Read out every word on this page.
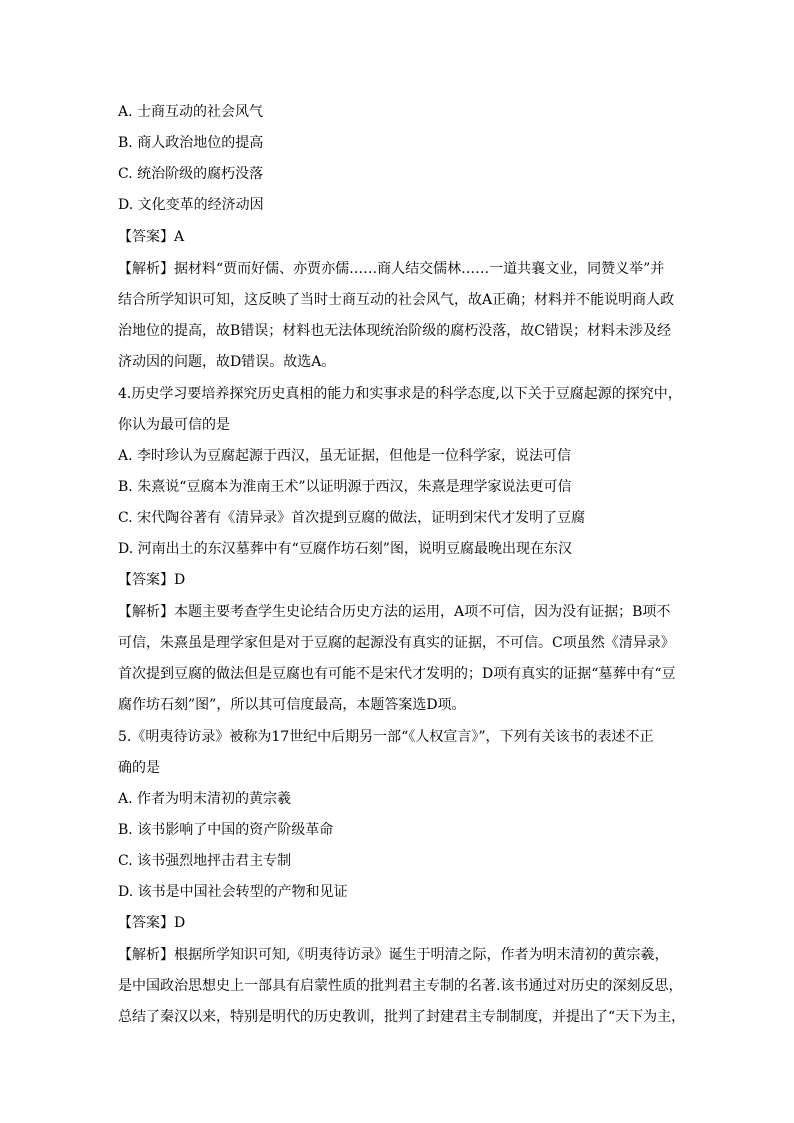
A. 士商互动的社会风气
B. 商人政治地位的提高
C. 统治阶级的腐朽没落
D. 文化变革的经济动因
【答案】A
【解析】据材料“贾而好儒、亦贾亦儒……商人结交儒林……一道共襄文业，同赞义举”并
结合所学知识可知，这反映了当时士商互动的社会风气，故A正确；材料并不能说明商人政
治地位的提高，故B错误；材料也无法体现统治阶级的腐朽没落，故C错误；材料未涉及经
济动因的问题，故D错误。故选A。
4.历史学习要培养探究历史真相的能力和实事求是的科学态度,以下关于豆腐起源的探究中，
你认为最可信的是
A. 李时珍认为豆腐起源于西汉，虽无证据，但他是一位科学家，说法可信
B. 朱熹说“豆腐本为淮南王术”以证明源于西汉，朱熹是理学家说法更可信
C. 宋代陶谷著有《清异录》首次提到豆腐的做法，证明到宋代才发明了豆腐
D. 河南出土的东汉墓葬中有“豆腐作坊石刻”图，说明豆腐最晚出现在东汉
【答案】D
【解析】本题主要考查学生史论结合历史方法的运用，A项不可信，因为没有证据；B项不
可信，朱熹虽是理学家但是对于豆腐的起源没有真实的证据，不可信。C项虽然《清异录》
首次提到豆腐的做法但是豆腐也有可能不是宋代才发明的；D项有真实的证据“墓葬中有“豆
腐作坊石刻”图”，所以其可信度最高，本题答案选D项。
5.《明夷待访录》被称为17世纪中后期另一部“《人权宣言》”，下列有关该书的表述不正
确的是
A. 作者为明末清初的黄宗羲
B. 该书影响了中国的资产阶级革命
C. 该书强烈地抨击君主专制
D. 该书是中国社会转型的产物和见证
【答案】D
【解析】根据所学知识可知,《明夷待访录》诞生于明清之际，作者为明末清初的黄宗羲，
是中国政治思想史上一部具有启蒙性质的批判君主专制的名著.该书通过对历史的深刻反思，
总结了秦汉以来，特别是明代的历史教训，批判了封建君主专制制度，并提出了“天下为主，
